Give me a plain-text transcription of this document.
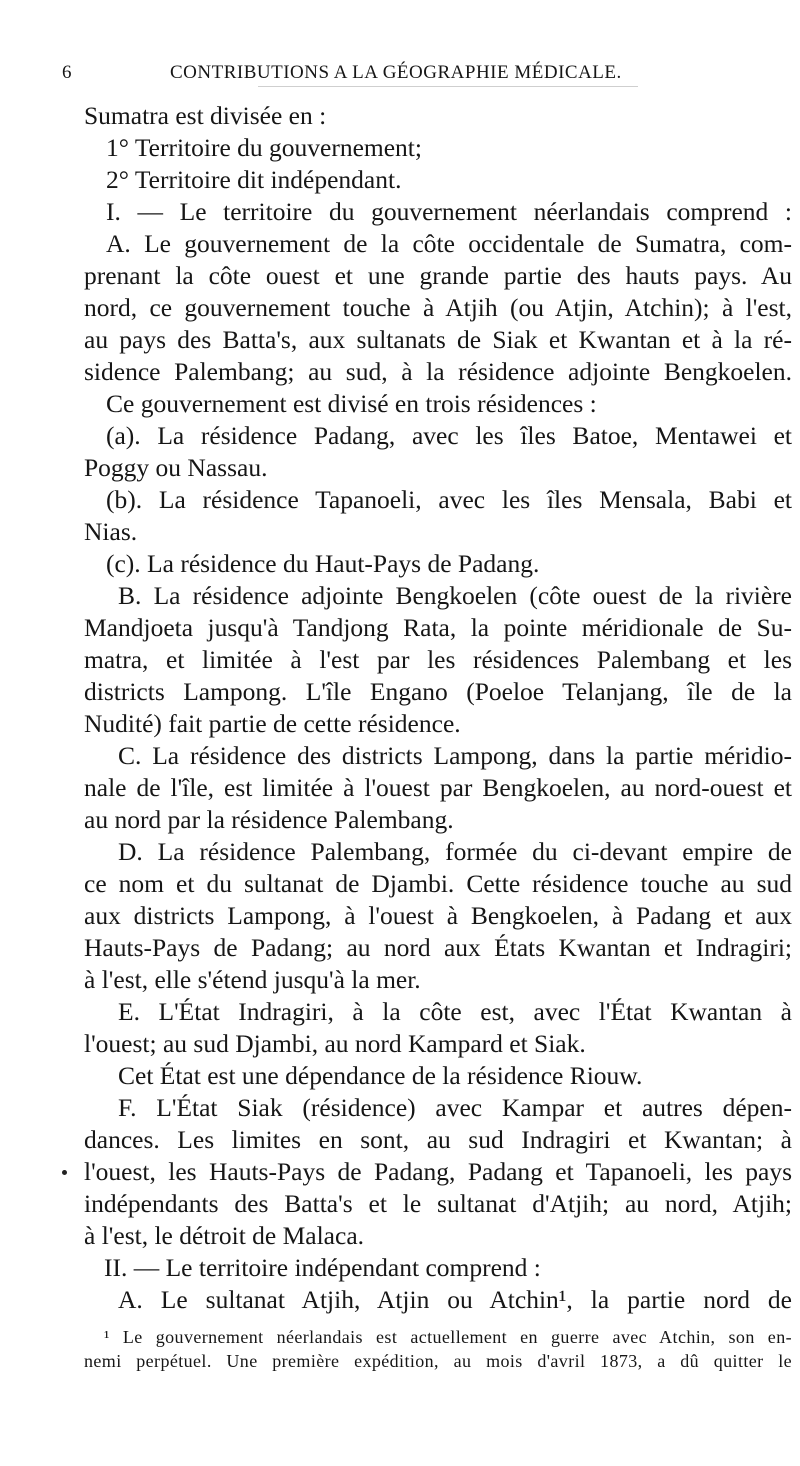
6	CONTRIBUTIONS A LA GÉOGRAPHIE MÉDICALE.
Sumatra est divisée en :
1° Territoire du gouvernement;
2° Territoire dit indépendant.
I. — Le territoire du gouvernement néerlandais comprend :
A. Le gouvernement de la côte occidentale de Sumatra, com-
prenant la côte ouest et une grande partie des hauts pays. Au
nord, ce gouvernement touche à Atjih (ou Atjin, Atchin); à l'est,
au pays des Batta's, aux sultanats de Siak et Kwantan et à la ré-
sidence Palembang; au sud, à la résidence adjointe Bengkoelen.
Ce gouvernement est divisé en trois résidences :
(a). La résidence Padang, avec les îles Batoe, Mentawei et
Poggy ou Nassau.
(b). La résidence Tapanoeli, avec les îles Mensala, Babi et
Nias.
(c). La résidence du Haut-Pays de Padang.
B. La résidence adjointe Bengkoelen (côte ouest de la rivière
Mandjoeta jusqu'à Tandjong Rata, la pointe méridionale de Su-
matra, et limitée à l'est par les résidences Palembang et les
districts Lampong. L'île Engano (Poeloe Telanjang, île de la
Nudité) fait partie de cette résidence.
C. La résidence des districts Lampong, dans la partie méridio-
nale de l'île, est limitée à l'ouest par Bengkoelen, au nord-ouest et
au nord par la résidence Palembang.
D. La résidence Palembang, formée du ci-devant empire de
ce nom et du sultanat de Djambi. Cette résidence touche au sud
aux districts Lampong, à l'ouest à Bengkoelen, à Padang et aux
Hauts-Pays de Padang; au nord aux États Kwantan et Indragiri;
à l'est, elle s'étend jusqu'à la mer.
E. L'État Indragiri, à la côte est, avec l'État Kwantan à
l'ouest; au sud Djambi, au nord Kampard et Siak.
Cet État est une dépendance de la résidence Riouw.
F. L'État Siak (résidence) avec Kampar et autres dépen-
dances. Les limites en sont, au sud Indragiri et Kwantan; à
l'ouest, les Hauts-Pays de Padang, Padang et Tapanoeli, les pays
indépendants des Batta's et le sultanat d'Atjih; au nord, Atjih;
à l'est, le détroit de Malaca.
II. — Le territoire indépendant comprend :
A. Le sultanat Atjih, Atjin ou Atchin¹, la partie nord de
¹ Le gouvernement néerlandais est actuellement en guerre avec Atchin, son en-
nemi perpétuel. Une première expédition, au mois d'avril 1873, a dû quitter le
